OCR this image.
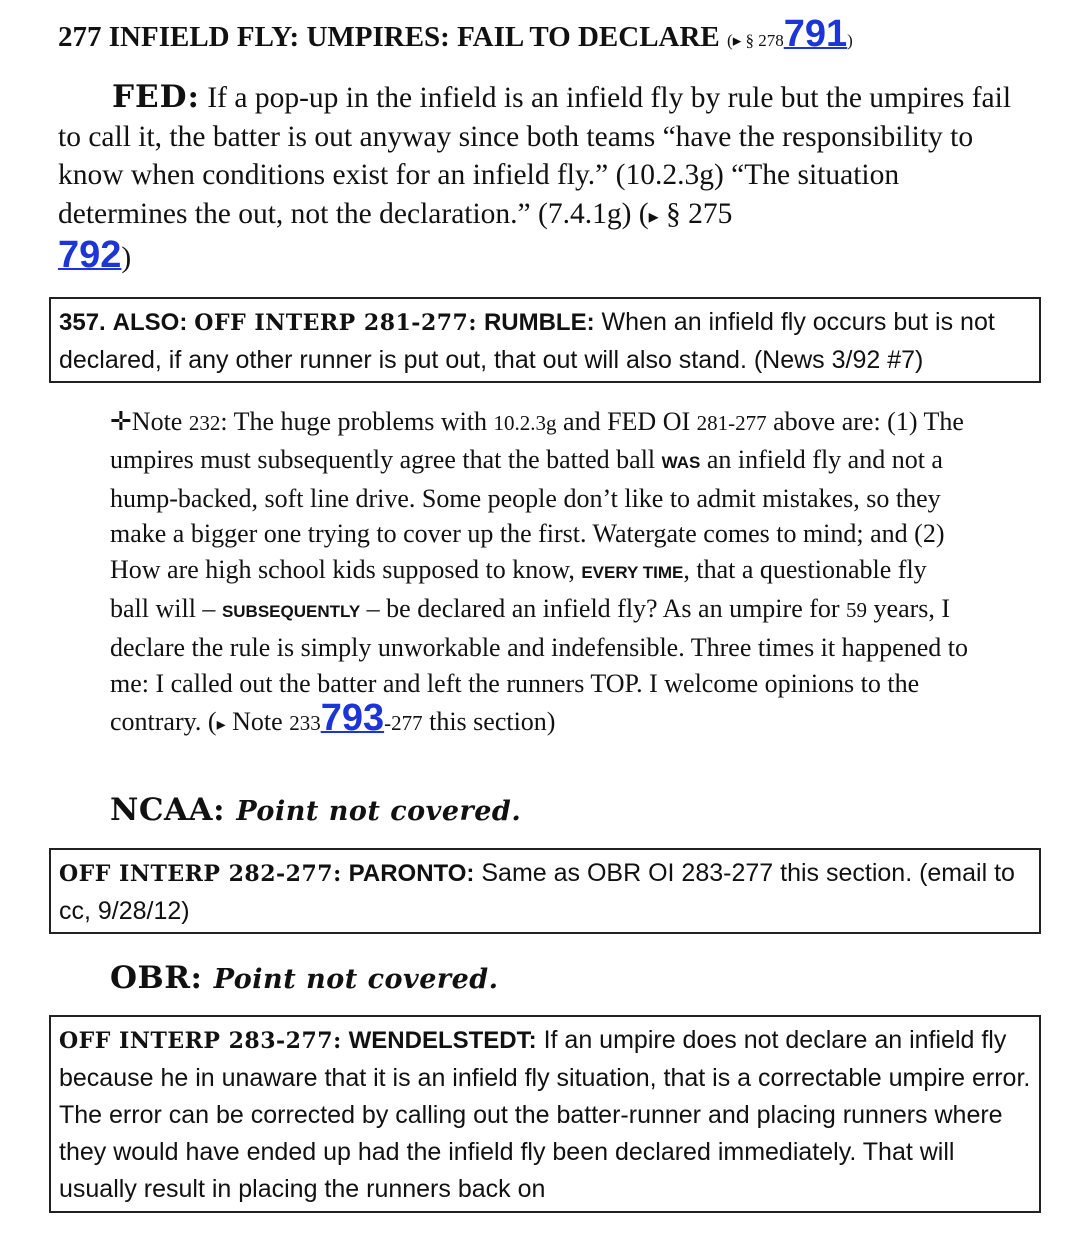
277 INFIELD FLY: UMPIRES: FAIL TO DECLARE (▸ § 278791)
FED: If a pop-up in the infield is an infield fly by rule but the umpires fail to call it, the batter is out anyway since both teams “have the responsibility to know when conditions exist for an infield fly.” (10.2.3g) “The situation determines the out, not the declaration.” (7.4.1g) (▸ § 275
792)
357. ALSO: OFF INTERP 281-277: RUMBLE: When an infield fly occurs but is not declared, if any other runner is put out, that out will also stand. (News 3/92 #7)
✛Note 232: The huge problems with 10.2.3g and FED OI 281-277 above are: (1) The umpires must subsequently agree that the batted ball WAS an infield fly and not a hump-backed, soft line drive. Some people don’t like to admit mistakes, so they make a bigger one trying to cover up the first. Watergate comes to mind; and (2) How are high school kids supposed to know, EVERY TIME, that a questionable fly ball will – SUBSEQUENTLY – be declared an infield fly? As an umpire for 59 years, I declare the rule is simply unworkable and indefensible. Three times it happened to me: I called out the batter and left the runners TOP. I welcome opinions to the contrary. (▸ Note 233793-277 this section)
NCAA: Point not covered.
OFF INTERP 282-277: PARONTO: Same as OBR OI 283-277 this section. (email to cc, 9/28/12)
OBR: Point not covered.
OFF INTERP 283-277: WENDELSTEDT: If an umpire does not declare an infield fly because he in unaware that it is an infield fly situation, that is a correctable umpire error. The error can be corrected by calling out the batter-runner and placing runners where they would have ended up had the infield fly been declared immediately. That will usually result in placing the runners back on
